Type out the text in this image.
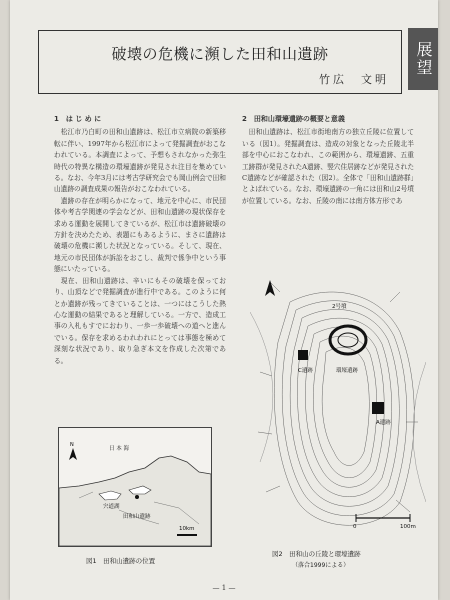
展望
破壊の危機に瀕した田和山遺跡
竹広　文明
1　は じ め に

松江市乃白町の田和山遺跡は、松江市立病院の新築移転に伴い、1997年から松江市によって発掘調査がおこなわれている。本調査によって、予想もされなかった弥生時代の特異な構造の環壕遺跡が発見され注目を集めている。なお、今年3月には考古学研究会でも岡山例会で田和山遺跡の調査成果の報告がおこなわれている。

遺跡の存在が明らかになって、地元を中心に、市民団体や考古学関連の学会などが、田和山遺跡の現状保存を求める運動を展開してきているが、松江市は遺跡破壊の方針を決めたため、表題にもあるように、まさに遺跡は破壊の危機に瀕した状況となっている。そして、現在、地元の市民団体が訴訟をおこし、裁判で係争中という事態にいたっている。

現在、田和山遺跡は、辛いにもその破壊を保っており、山頂などで発掘調査が進行中である。このように何とか遺跡が残ってきていることは、一つにはこうした熱心な運動の結果であると理解している。一方で、造成工事の入札もすでにおわり、一歩一歩破壊への道へと進んでいる。保存を求めるわれわれにとっては事態を極めて深刻な状況であり、取り急ぎ本文を作成した次第である。

2　田和山環壕遺跡の概要と意義

田和山遺跡は、松江市街地南方の独立丘陵に位置している（図1）。発掘調査は、造成の対象となった丘陵北半部を中心におこなわれ、この範囲から、環壕遺跡、五重工跡群が発見されたA遺跡、竪穴住居跡などが発見されたC遺跡などが確認された（図2）。全体で「田和山遺跡群」とよばれている。なお、環壕遺跡の一角には田和山2号墳が位置している。なお、丘陵の南には南方体方形であ

N
日 本 海
宍道湖
田和山遺跡
10km
図1　田和山遺跡の位置
2号墳
C遺跡	環壕遺跡
A遺跡
0	100m
図2　田和山の丘陵と環壕遺跡
（落合1999による）
— 1 —
